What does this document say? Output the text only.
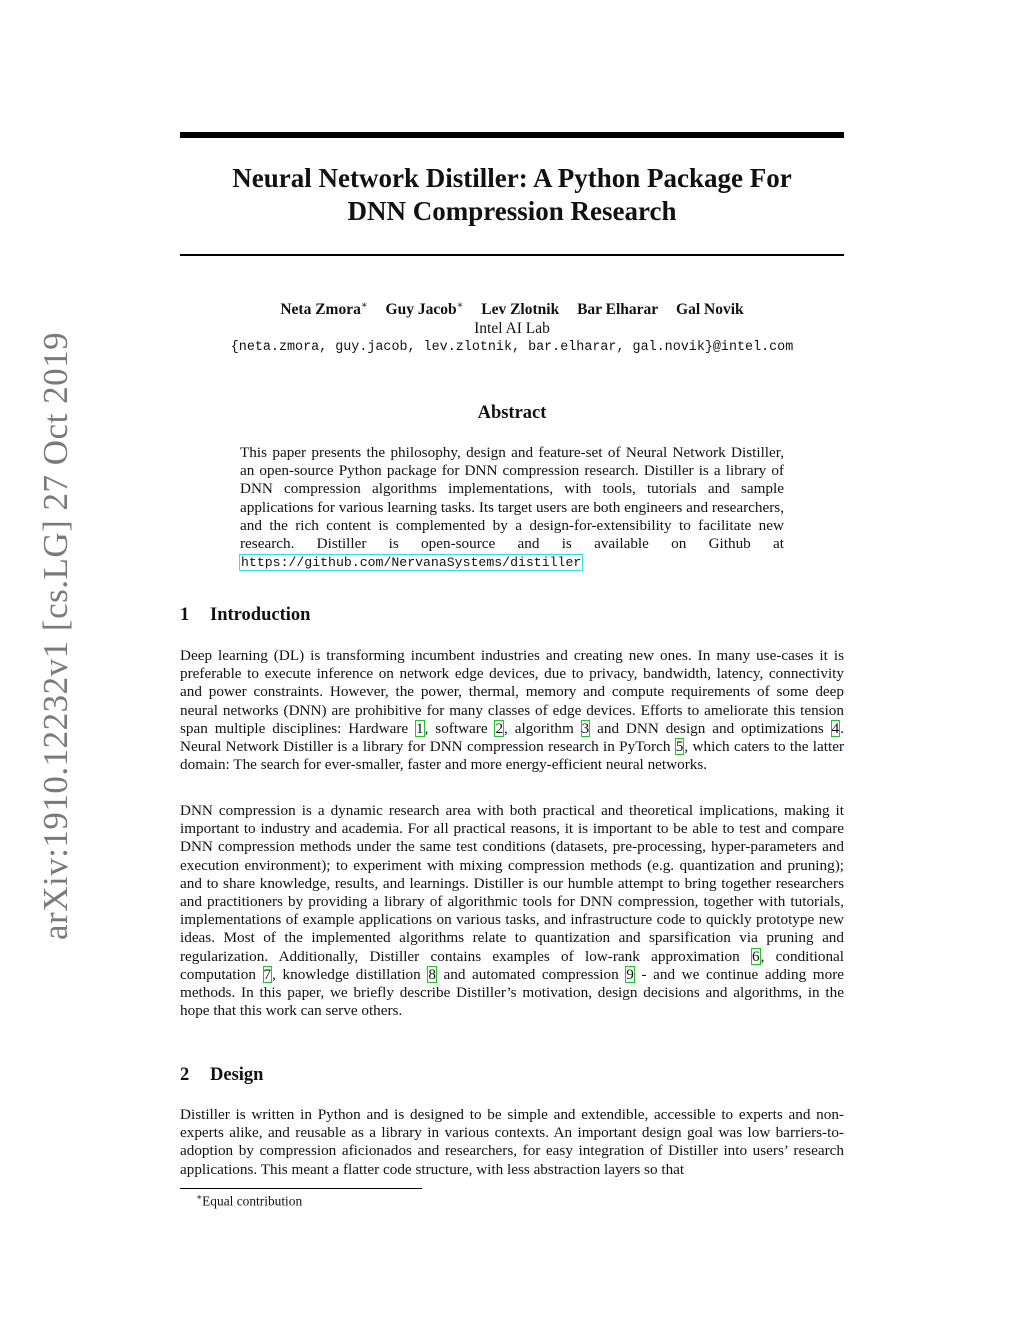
arXiv:1910.12232v1 [cs.LG] 27 Oct 2019
Neural Network Distiller: A Python Package For
DNN Compression Research
Neta Zmora∗ Guy Jacob∗ Lev Zlotnik Bar Elharar Gal Novik
Intel AI Lab
{neta.zmora, guy.jacob, lev.zlotnik, bar.elharar, gal.novik}@intel.com
Abstract
This paper presents the philosophy, design and feature-set of Neural Network Distiller, an open-source Python package for DNN compression research. Distiller is a library of DNN compression algorithms implementations, with tools, tutorials and sample applications for various learning tasks. Its target users are both engineers and researchers, and the rich content is complemented by a design-for-extensibility to facilitate new research. Distiller is open-source and is available on Github at https://github.com/NervanaSystems/distiller
1 Introduction
Deep learning (DL) is transforming incumbent industries and creating new ones. In many use-cases it is preferable to execute inference on network edge devices, due to privacy, bandwidth, latency, connectivity and power constraints. However, the power, thermal, memory and compute requirements of some deep neural networks (DNN) are prohibitive for many classes of edge devices. Efforts to ameliorate this tension span multiple disciplines: Hardware 1, software 2, algorithm 3 and DNN design and optimizations 4. Neural Network Distiller is a library for DNN compression research in PyTorch 5, which caters to the latter domain: The search for ever-smaller, faster and more energy-efficient neural networks.
DNN compression is a dynamic research area with both practical and theoretical implications, making it important to industry and academia. For all practical reasons, it is important to be able to test and compare DNN compression methods under the same test conditions (datasets, pre-processing, hyper-parameters and execution environment); to experiment with mixing compression methods (e.g. quantization and pruning); and to share knowledge, results, and learnings. Distiller is our humble attempt to bring together researchers and practitioners by providing a library of algorithmic tools for DNN compression, together with tutorials, implementations of example applications on various tasks, and infrastructure code to quickly prototype new ideas. Most of the implemented algorithms relate to quantization and sparsification via pruning and regularization. Additionally, Distiller contains examples of low-rank approximation 6, conditional computation 7, knowledge distillation 8 and automated compression 9 - and we continue adding more methods. In this paper, we briefly describe Distiller’s motivation, design decisions and algorithms, in the hope that this work can serve others.
2 Design
Distiller is written in Python and is designed to be simple and extendible, accessible to experts and non-experts alike, and reusable as a library in various contexts. An important design goal was low barriers-to-adoption by compression aficionados and researchers, for easy integration of Distiller into users’ research applications. This meant a flatter code structure, with less abstraction layers so that
∗Equal contribution
